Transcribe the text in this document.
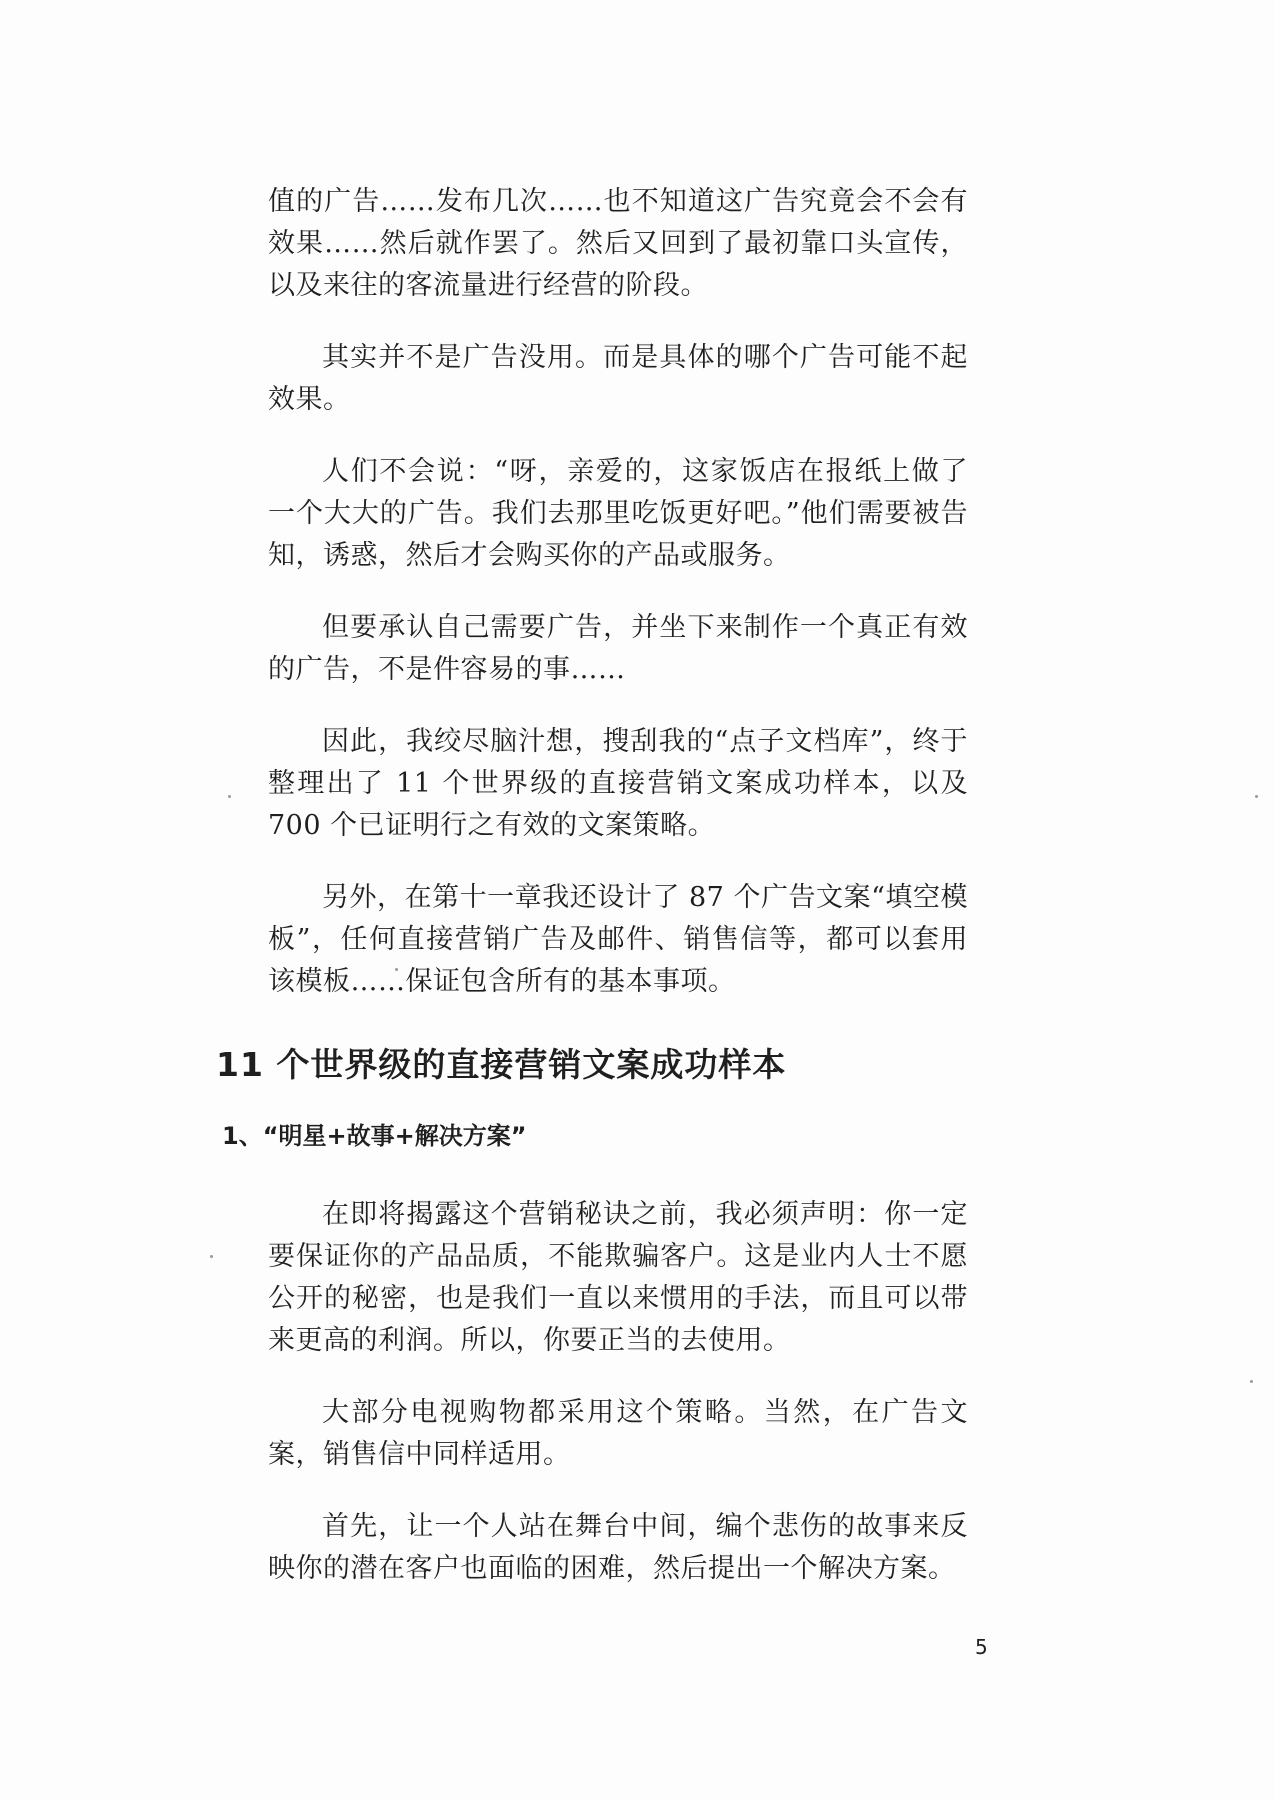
值的广告……发布几次……也不知道这广告究竟会不会有效果……然后就作罢了。然后又回到了最初靠口头宣传，以及来往的客流量进行经营的阶段。

其实并不是广告没用。而是具体的哪个广告可能不起效果。

人们不会说：“呀，亲爱的，这家饭店在报纸上做了一个大大的广告。我们去那里吃饭更好吧。”他们需要被告知，诱惑，然后才会购买你的产品或服务。

但要承认自己需要广告，并坐下来制作一个真正有效的广告，不是件容易的事……

因此，我绞尽脑汁想，搜刮我的“点子文档库”，终于整理出了 11 个世界级的直接营销文案成功样本，以及 700 个已证明行之有效的文案策略。

另外，在第十一章我还设计了 87 个广告文案“填空模板”，任何直接营销广告及邮件、销售信等，都可以套用该模板……保证包含所有的基本事项。

11 个世界级的直接营销文案成功样本
1、“明星+故事+解决方案”

在即将揭露这个营销秘诀之前，我必须声明：你一定要保证你的产品品质，不能欺骗客户。这是业内人士不愿公开的秘密，也是我们一直以来惯用的手法，而且可以带来更高的利润。所以，你要正当的去使用。

大部分电视购物都采用这个策略。当然，在广告文案，销售信中同样适用。

首先，让一个人站在舞台中间，编个悲伤的故事来反映你的潜在客户也面临的困难，然后提出一个解决方案。

5
